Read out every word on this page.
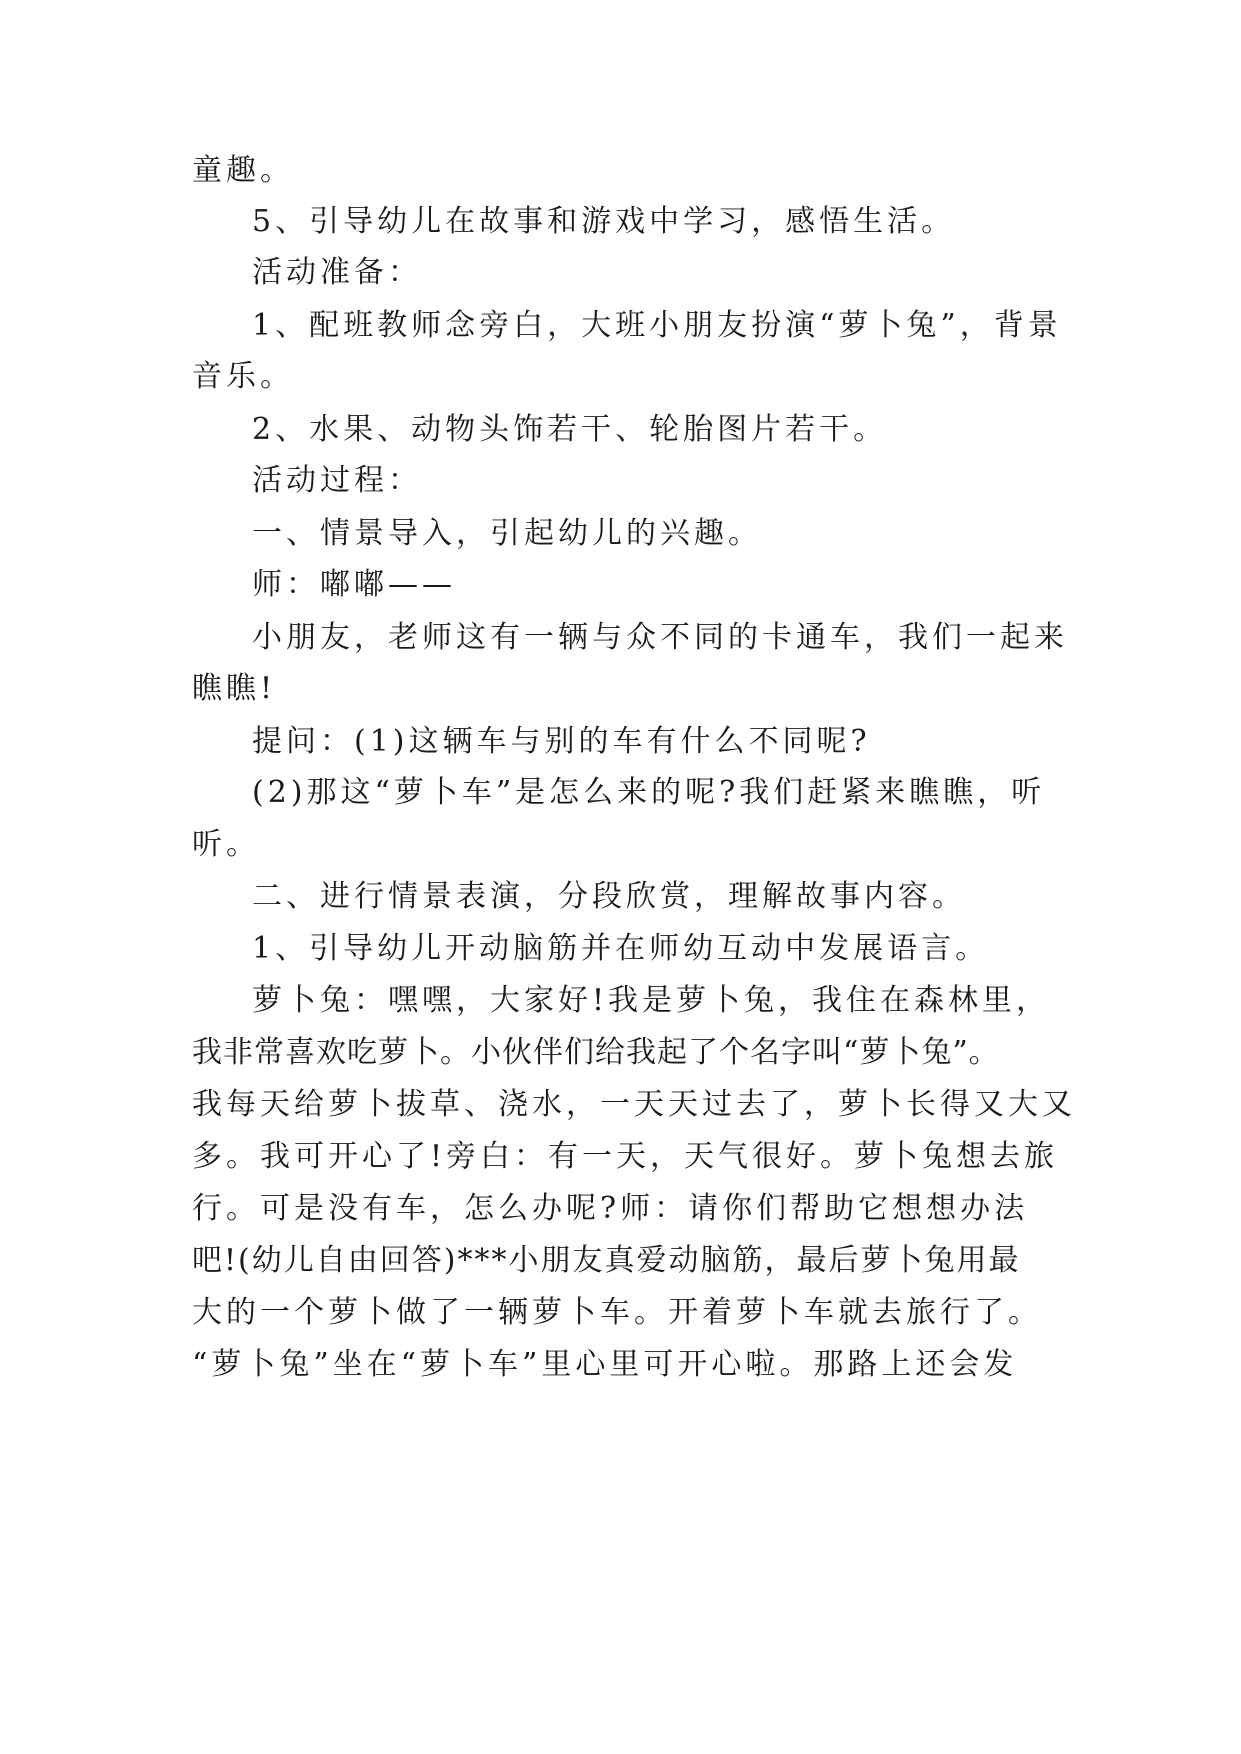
童趣。
5、引导幼儿在故事和游戏中学习，感悟生活。
活动准备：
1、配班教师念旁白，大班小朋友扮演“萝卜兔”，背景
音乐。
2、水果、动物头饰若干、轮胎图片若干。
活动过程：
一、情景导入，引起幼儿的兴趣。
师：嘟嘟——
小朋友，老师这有一辆与众不同的卡通车，我们一起来
瞧瞧!
提问：(1)这辆车与别的车有什么不同呢?
(2)那这“萝卜车”是怎么来的呢?我们赶紧来瞧瞧，听
听。
二、进行情景表演，分段欣赏，理解故事内容。
1、引导幼儿开动脑筋并在师幼互动中发展语言。
萝卜兔：嘿嘿，大家好!我是萝卜兔，我住在森林里，
我非常喜欢吃萝卜。小伙伴们给我起了个名字叫“萝卜兔”。
我每天给萝卜拔草、浇水，一天天过去了，萝卜长得又大又
多。我可开心了!旁白：有一天，天气很好。萝卜兔想去旅
行。可是没有车，怎么办呢?师：请你们帮助它想想办法
吧!(幼儿自由回答)***小朋友真爱动脑筋，最后萝卜兔用最
大的一个萝卜做了一辆萝卜车。开着萝卜车就去旅行了。
“萝卜兔”坐在“萝卜车”里心里可开心啦。那路上还会发
